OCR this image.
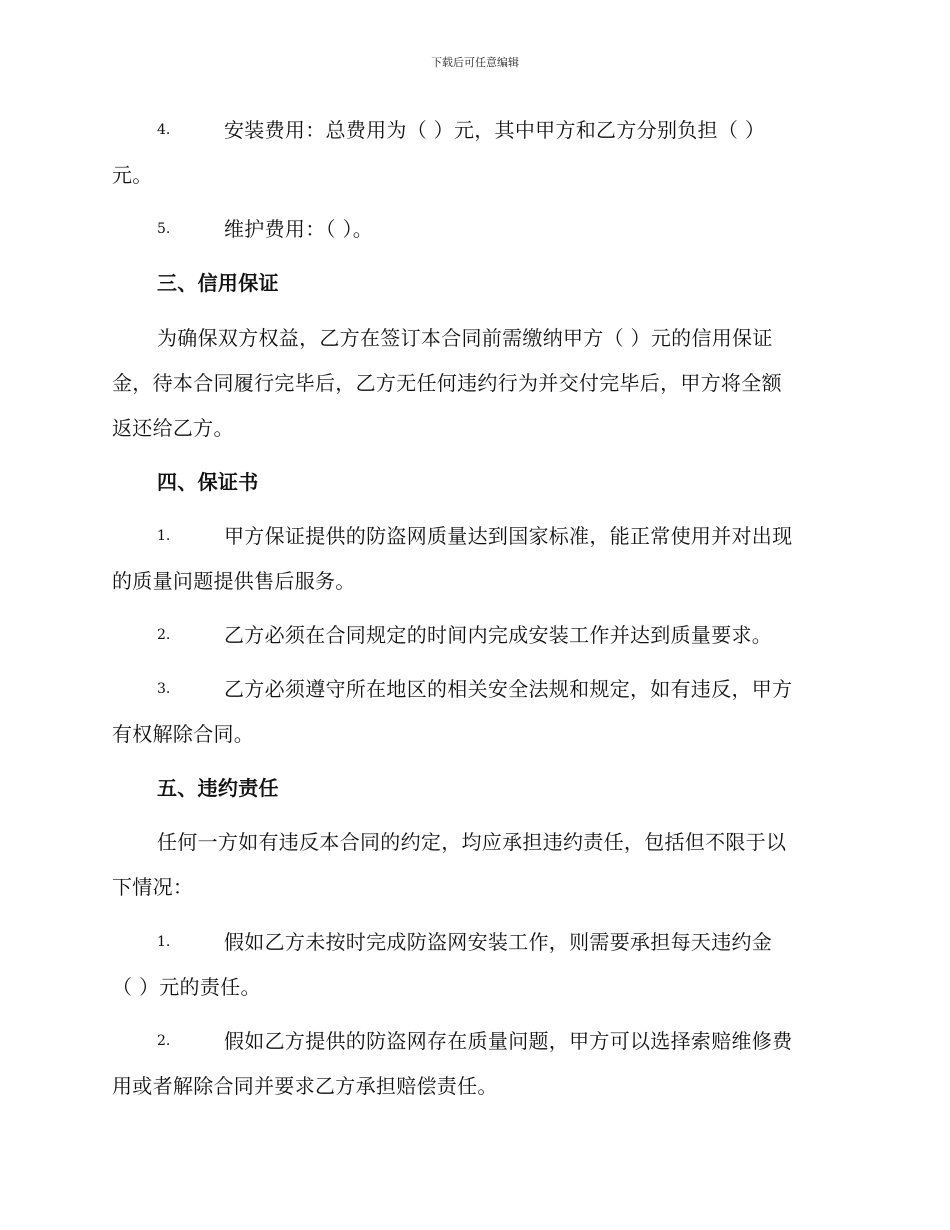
下载后可任意编辑
4.	安装费用：总费用为（ ）元，其中甲方和乙方分别负担（ ）
元。
5.	维护费用：（ ）。
三、信用保证
为确保双方权益，乙方在签订本合同前需缴纳甲方（ ）元的信用保证
金，待本合同履行完毕后，乙方无任何违约行为并交付完毕后，甲方将全额
返还给乙方。
四、保证书
1.	甲方保证提供的防盗网质量达到国家标准，能正常使用并对出现
的质量问题提供售后服务。
2.	乙方必须在合同规定的时间内完成安装工作并达到质量要求。
3.	乙方必须遵守所在地区的相关安全法规和规定，如有违反，甲方
有权解除合同。
五、违约责任
任何一方如有违反本合同的约定，均应承担违约责任，包括但不限于以
下情况：
1.	假如乙方未按时完成防盗网安装工作，则需要承担每天违约金
（ ）元的责任。
2.	假如乙方提供的防盗网存在质量问题，甲方可以选择索赔维修费
用或者解除合同并要求乙方承担赔偿责任。
